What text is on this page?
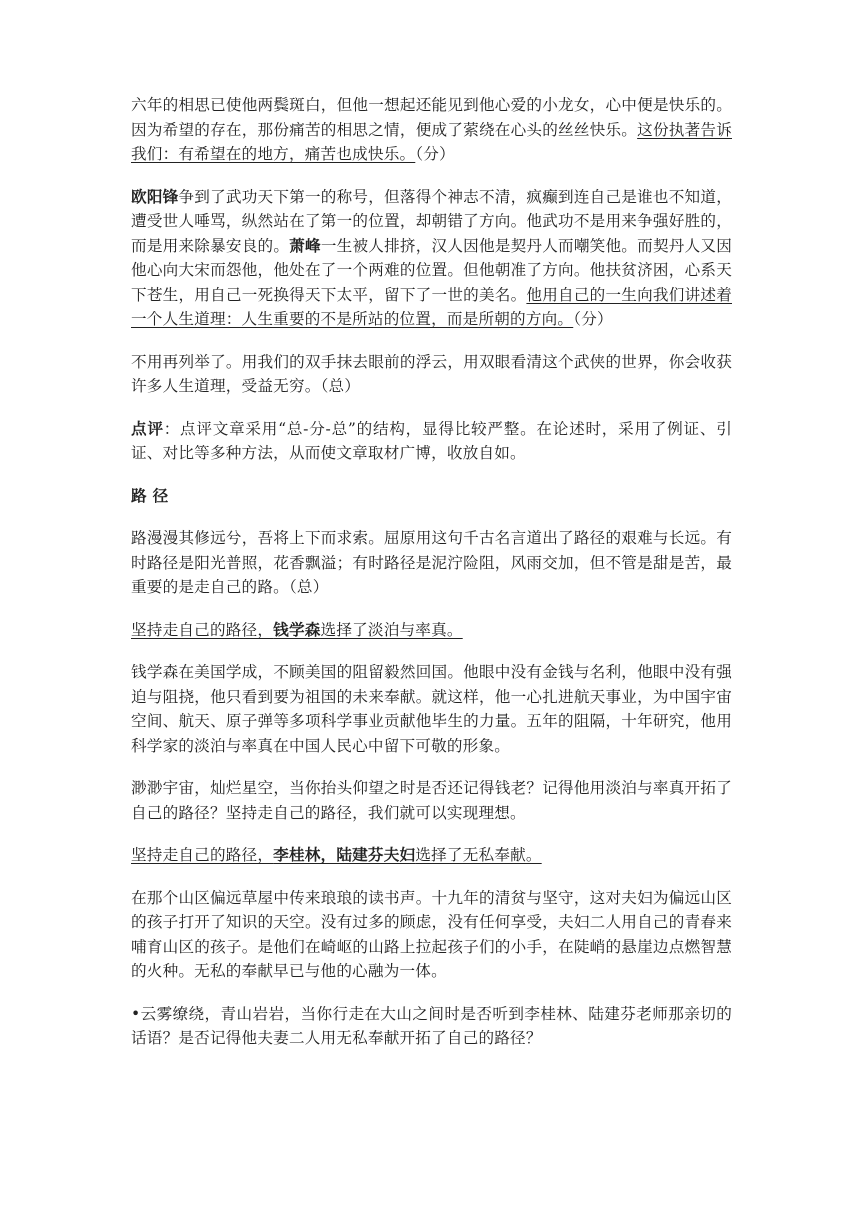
六年的相思已使他两鬓斑白，但他一想起还能见到他心爱的小龙女，心中便是快乐的。因为希望的存在，那份痛苦的相思之情，便成了萦绕在心头的丝丝快乐。这份执著告诉我们：有希望在的地方，痛苦也成快乐。（分）

欧阳锋争到了武功天下第一的称号，但落得个神志不清，疯癫到连自己是谁也不知道，遭受世人唾骂，纵然站在了第一的位置，却朝错了方向。他武功不是用来争强好胜的，而是用来除暴安良的。萧峰一生被人排挤，汉人因他是契丹人而嘲笑他。而契丹人又因他心向大宋而怨他，他处在了一个两难的位置。但他朝准了方向。他扶贫济困，心系天下苍生，用自己一死换得天下太平，留下了一世的美名。他用自己的一生向我们讲述着一个人生道理：人生重要的不是所站的位置，而是所朝的方向。（分）

不用再列举了。用我们的双手抹去眼前的浮云，用双眼看清这个武侠的世界，你会收获许多人生道理，受益无穷。（总）

点评：点评文章采用“总-分-总”的结构，显得比较严整。在论述时，采用了例证、引证、对比等多种方法，从而使文章取材广博，收放自如。

路径

路漫漫其修远兮，吾将上下而求索。屈原用这句千古名言道出了路径的艰难与长远。有时路径是阳光普照，花香飘溢；有时路径是泥泞险阻，风雨交加，但不管是甜是苦，最重要的是走自己的路。（总）

坚持走自己的路径，钱学森选择了淡泊与率真。

钱学森在美国学成，不顾美国的阻留毅然回国。他眼中没有金钱与名利，他眼中没有强迫与阻挠，他只看到要为祖国的未来奉献。就这样，他一心扎进航天事业，为中国宇宙空间、航天、原子弹等多项科学事业贡献他毕生的力量。五年的阻隔，十年研究，他用科学家的淡泊与率真在中国人民心中留下可敬的形象。

渺渺宇宙，灿烂星空，当你抬头仰望之时是否还记得钱老？记得他用淡泊与率真开拓了自己的路径？坚持走自己的路径，我们就可以实现理想。

坚持走自己的路径，李桂林，陆建芬夫妇选择了无私奉献。

在那个山区偏远草屋中传来琅琅的读书声。十九年的清贫与坚守，这对夫妇为偏远山区的孩子打开了知识的天空。没有过多的顾虑，没有任何享受，夫妇二人用自己的青春来哺育山区的孩子。是他们在崎岖的山路上拉起孩子们的小手，在陡峭的悬崖边点燃智慧的火种。无私的奉献早已与他的心融为一体。

•云雾缭绕，青山岩岩，当你行走在大山之间时是否听到李桂林、陆建芬老师那亲切的话语？是否记得他夫妻二人用无私奉献开拓了自己的路径？
